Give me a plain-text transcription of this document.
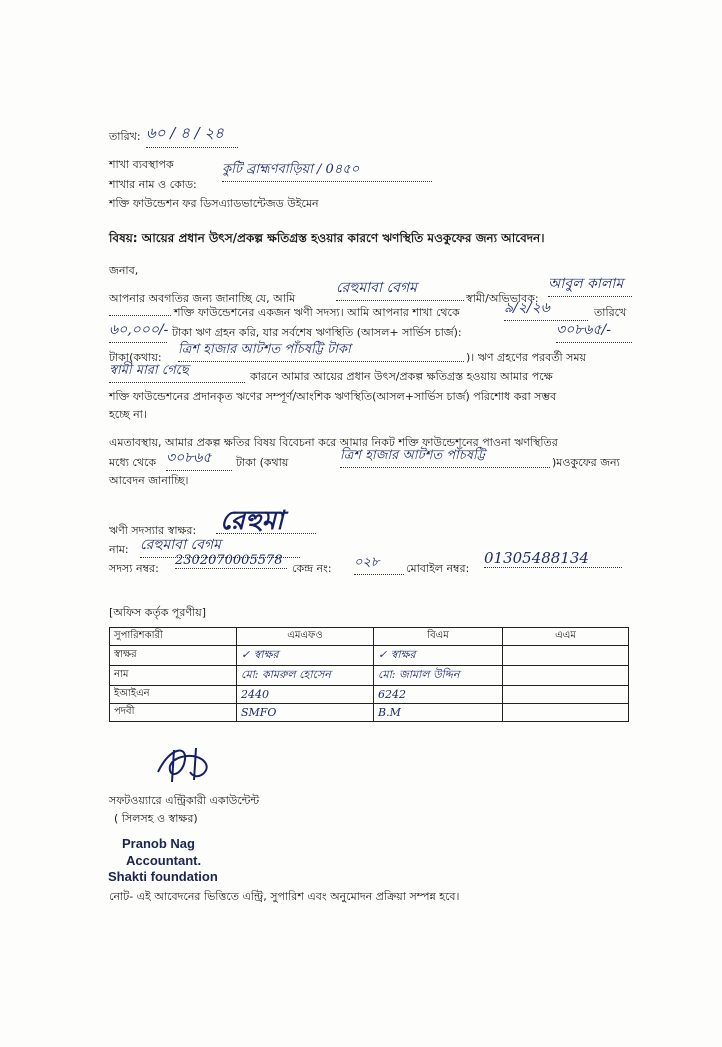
তারিখ: ৬০ / ৪ / ২৪
শাখা ব্যবস্থাপক
শাখার নাম ও কোড:
কুটি ব্রাহ্মণবাড়িয়া / 0৪৫০
শক্তি ফাউন্ডেশন ফর ডিসএ্যাডভান্টেজড উইমেন
বিষয়: আয়ের প্রধান উৎস/প্রকল্প ক্ষতিগ্রস্ত হওয়ার কারণে ঋণস্থিতি মওকুফের জন্য আবেদন।
জনাব,
আপনার অবগতির জন্য জানাচ্ছি যে, আমি
রেহুমাবা বেগম
স্বামী/অভিভাবক:
আবুল কালাম
শক্তি ফাউন্ডেশনের একজন ঋণী সদস্য। আমি আপনার শাখা থেকে	৯/২/২৬	তারিখে
৬০,০০০/- টাকা ঋণ গ্রহন করি, যার সর্বশেষ ঋণস্থিতি (আসল+ সার্ভিস চার্জ):	৩০৮৬৫/-
টাকা(কথায়:
ত্রিশ হাজার আটশত পাঁচষট্টি টাকা
)। ঋণ গ্রহণের পরবর্তী সময়
স্বামী মারা গেছে	কারনে আমার আয়ের প্রধান উৎস/প্রকল্প ক্ষতিগ্রস্ত হওয়ায় আমার পক্ষে
শক্তি ফাউন্ডেশনের প্রদানকৃত ঋণের সম্পূর্ণ/আংশিক ঋণস্থিতি(আসল+সার্ভিস চার্জ) পরিশোধ করা সম্ভব
হচ্ছে না।
এমতাবস্থায়, আমার প্রকল্প ক্ষতির বিষয় বিবেচনা করে আমার নিকট শক্তি ফাউন্ডেশনের পাওনা ঋণস্থিতির
মধ্যে থেকে ৩০৮৬৫	টাকা (কথায়	ত্রিশ হাজার আটশত পাঁচষট্টি	)মওকুফের জন্য
আবেদন জানাচ্ছি।
ঋণী সদস্যার স্বাক্ষর: রেহুমা
নাম: রেহুমাবা বেগম
সদস্য নম্বর:
2302070005578
কেন্দ্র নং: ০২৮	মোবাইল নম্বর:
01305488134
[অফিস কর্তৃক পূরণীয়]
সুপারিশকারী	এমএফও	বিএম	এএম
স্বাক্ষর	✓ স্বাক্ষর	✓ স্বাক্ষর	
নাম	মো: কামরুল হোসেন	মো: জামাল উদ্দিন	
ইআইএন	2440	6242	
পদবী	SMFO	B.M	
সফটওয়্যারে এন্ট্রিকারী একাউন্টেন্ট
( সিলসহ ও স্বাক্ষর)
Pranob Nag
Accountant.
Shakti foundation
নোট- এই আবেদনের ভিত্তিতে এন্ট্রি, সুপারিশ এবং অনুমোদন প্রক্রিয়া সম্পন্ন হবে।
